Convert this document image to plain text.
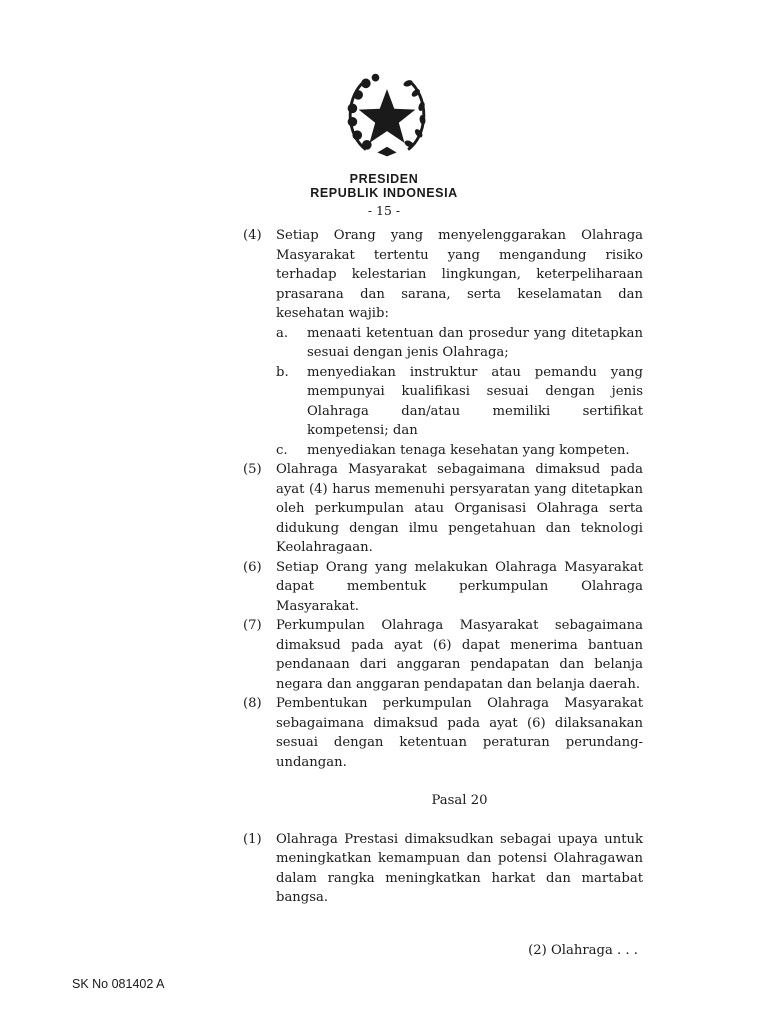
PRESIDEN
REPUBLIK INDONESIA
- 15 -
(4) Setiap Orang yang menyelenggarakan Olahraga Masyarakat tertentu yang mengandung risiko terhadap kelestarian lingkungan, keterpeliharaan prasarana dan sarana, serta keselamatan dan kesehatan wajib:
a. menaati ketentuan dan prosedur yang ditetapkan sesuai dengan jenis Olahraga;
b. menyediakan instruktur atau pemandu yang mempunyai kualifikasi sesuai dengan jenis Olahraga dan/atau memiliki sertifikat kompetensi; dan
c. menyediakan tenaga kesehatan yang kompeten.
(5) Olahraga Masyarakat sebagaimana dimaksud pada ayat (4) harus memenuhi persyaratan yang ditetapkan oleh perkumpulan atau Organisasi Olahraga serta didukung dengan ilmu pengetahuan dan teknologi Keolahragaan.
(6) Setiap Orang yang melakukan Olahraga Masyarakat dapat membentuk perkumpulan Olahraga Masyarakat.
(7) Perkumpulan Olahraga Masyarakat sebagaimana dimaksud pada ayat (6) dapat menerima bantuan pendanaan dari anggaran pendapatan dan belanja negara dan anggaran pendapatan dan belanja daerah.
(8) Pembentukan perkumpulan Olahraga Masyarakat sebagaimana dimaksud pada ayat (6) dilaksanakan sesuai dengan ketentuan peraturan perundang-undangan.
Pasal 20
(1) Olahraga Prestasi dimaksudkan sebagai upaya untuk meningkatkan kemampuan dan potensi Olahragawan dalam rangka meningkatkan harkat dan martabat bangsa.
(2) Olahraga . . .
SK No 081402 A
